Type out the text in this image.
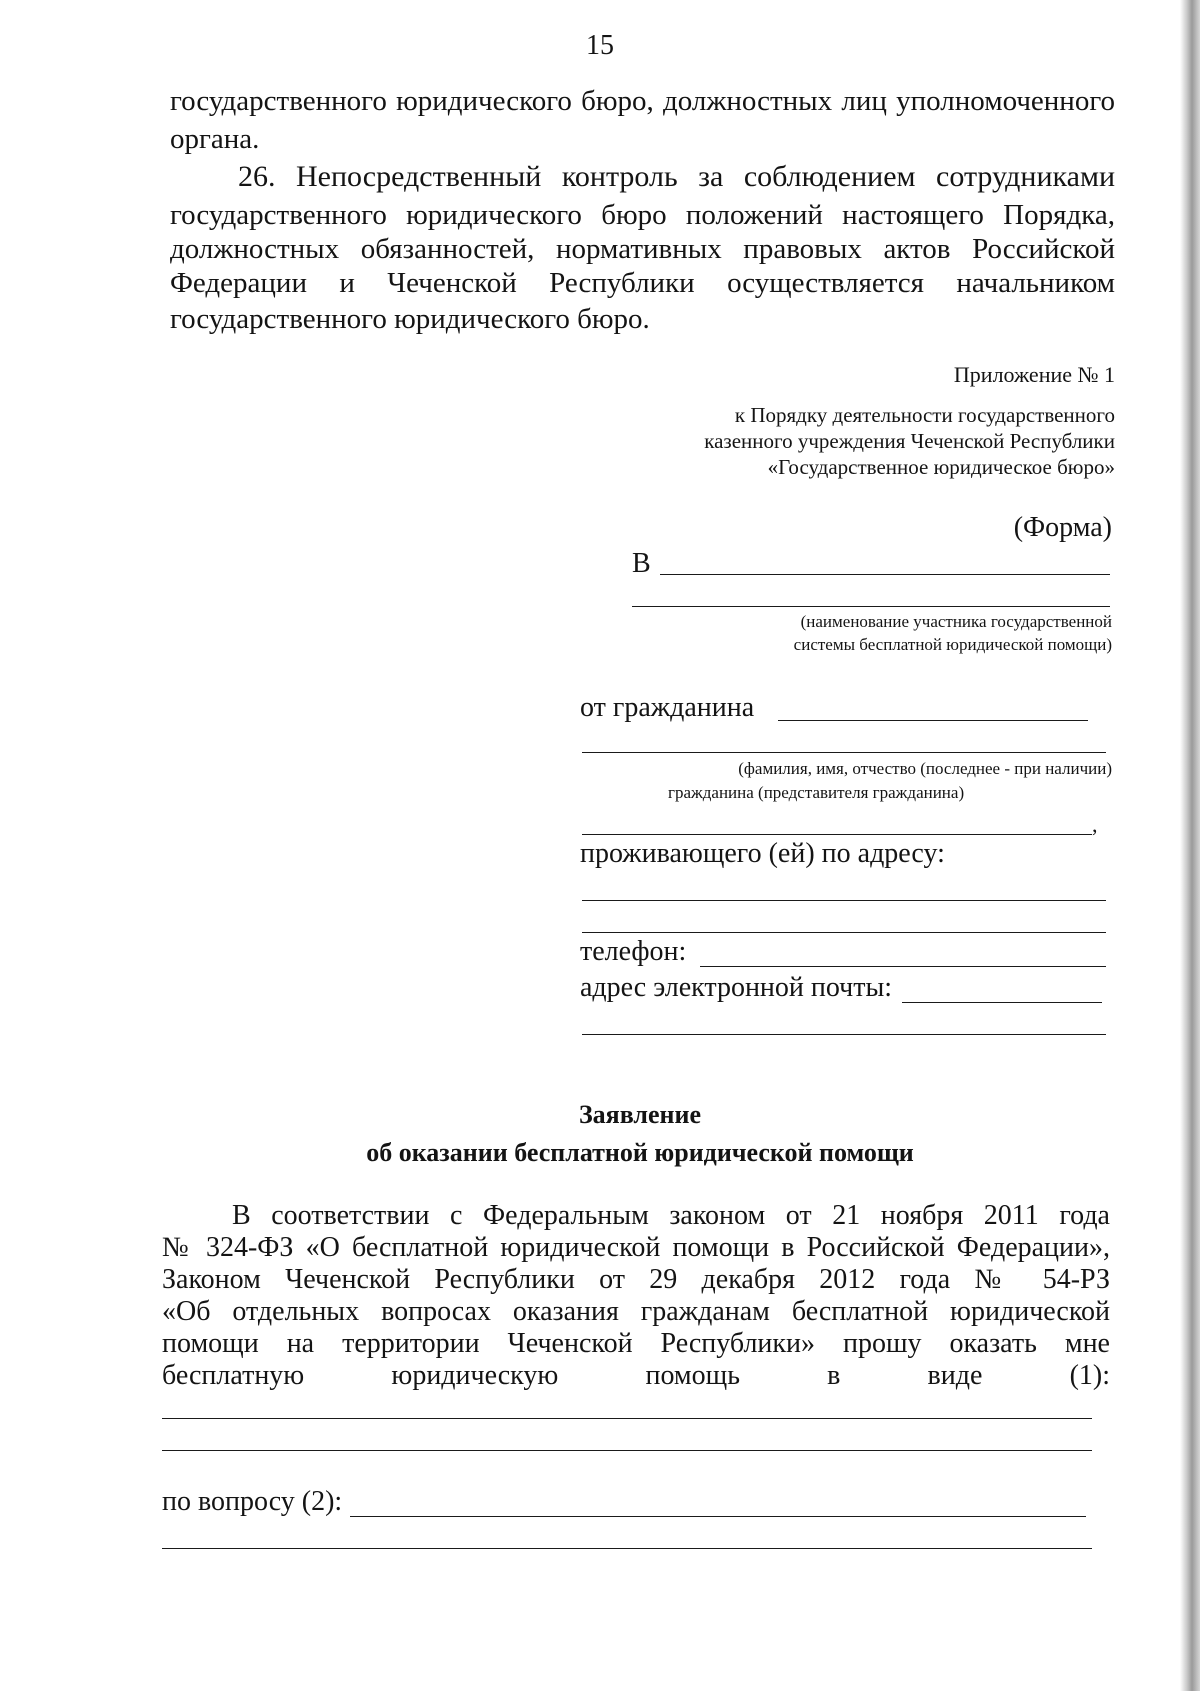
15
государственного юридического бюро, должностных лиц уполномоченного
органа.
26. Непосредственный контроль за соблюдением сотрудниками
государственного юридического бюро положений настоящего Порядка,
должностных обязанностей, нормативных правовых актов Российской
Федерации и Чеченской Республики осуществляется начальником
государственного юридического бюро.
Приложение № 1
к Порядку деятельности государственного
казенного учреждения Чеченской Республики
«Государственное юридическое бюро»
(Форма)
В
(наименование участника государственной
системы бесплатной юридической помощи)
от гражданина
(фамилия, имя, отчество (последнее - при наличии)
гражданина (представителя гражданина)
,
проживающего (ей) по адресу:
телефон:
адрес электронной почты:
Заявление
об оказании бесплатной юридической помощи
В соответствии с Федеральным законом от 21 ноября 2011 года
№ 324-ФЗ «О бесплатной юридической помощи в Российской Федерации»,
Законом Чеченской Республики от 29 декабря 2012 года № 54-РЗ
«Об отдельных вопросах оказания гражданам бесплатной юридической
помощи на территории Чеченской Республики» прошу оказать мне
бесплатную юридическую помощь в виде (1):
по вопросу (2):
